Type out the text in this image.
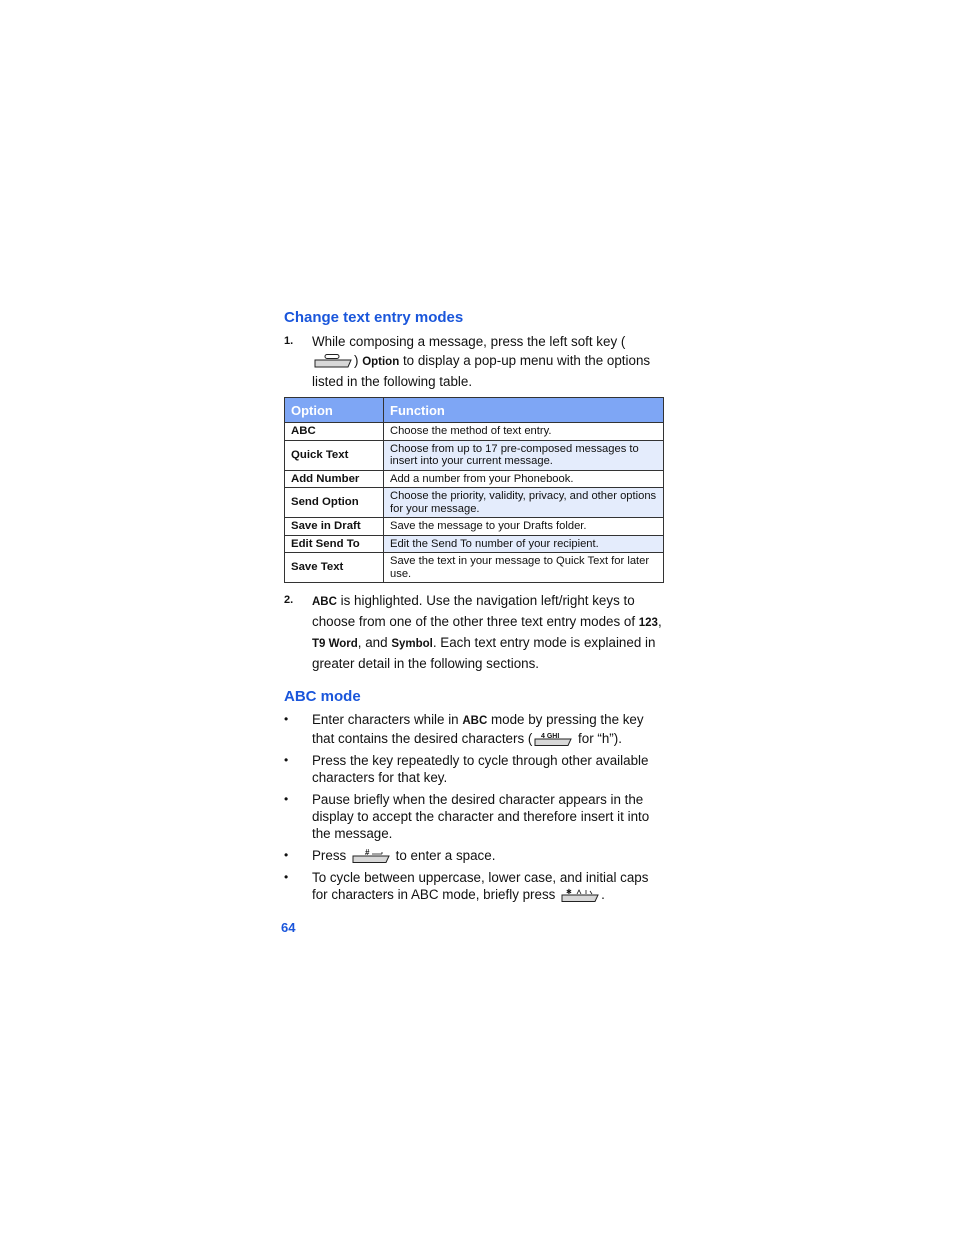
Change text entry modes
1. While composing a message, press the left soft key (
) Option to display a pop-up menu with the options listed in the following table.
Option	Function
ABC	Choose the method of text entry.
Quick Text	Choose from up to 17 pre-composed messages to insert into your current message.
Add Number	Add a number from your Phonebook.
Send Option	Choose the priority, validity, privacy, and other options for your message.
Save in Draft	Save the message to your Drafts folder.
Edit Send To	Edit the Send To number of your recipient.
Save Text	Save the text in your message to Quick Text for later use.
2. ABC is highlighted. Use the navigation left/right keys to choose from one of the other three text entry modes of 123, T9 Word, and Symbol. Each text entry mode is explained in greater detail in the following sections.
ABC mode
• Enter characters while in ABC mode by pressing the key that contains the desired characters ( 4 GHI for “h”).
• Press the key repeatedly to cycle through other available characters for that key.
• Pause briefly when the desired character appears in the display to accept the character and therefore insert it into the message.
• Press # to enter a space.
• To cycle between uppercase, lower case, and initial caps for characters in ABC mode, briefly press ✱ .
64
